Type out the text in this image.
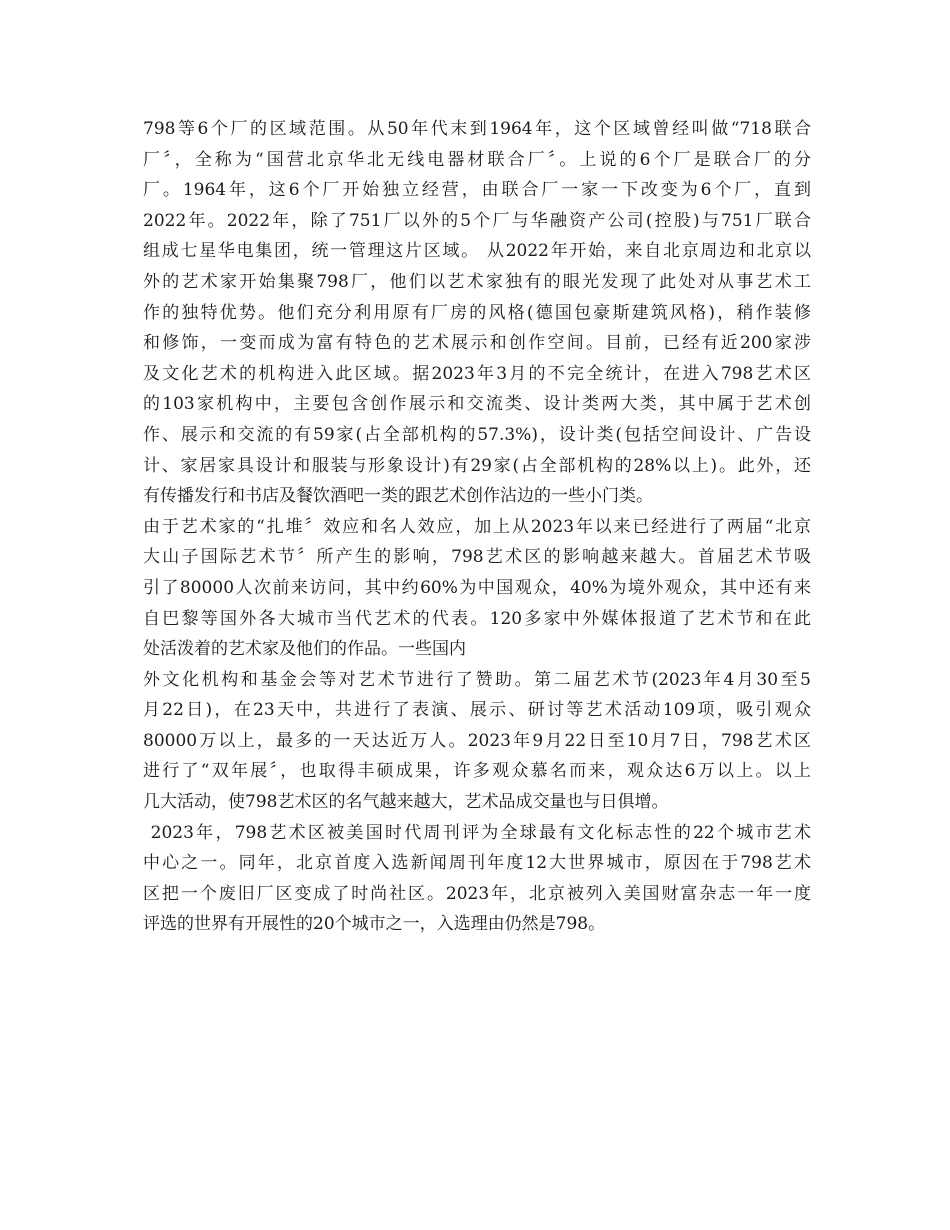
798等6个厂的区域范围。从50年代末到1964年，这个区域曾经叫做“718联合
厂〞，全称为“国营北京华北无线电器材联合厂〞。上说的6个厂是联合厂的分
厂。1964年，这6个厂开始独立经营，由联合厂一家一下改变为6个厂，直到
2022年。2022年，除了751厂以外的5个厂与华融资产公司(控股)与751厂联合
组成七星华电集团，统一管理这片区域。 从2022年开始，来自北京周边和北京以
外的艺术家开始集聚798厂，他们以艺术家独有的眼光发现了此处对从事艺术工
作的独特优势。他们充分利用原有厂房的风格(德国包豪斯建筑风格)，稍作装修
和修饰，一变而成为富有特色的艺术展示和创作空间。目前，已经有近200家涉
及文化艺术的机构进入此区域。据2023年3月的不完全统计，在进入798艺术区
的103家机构中，主要包含创作展示和交流类、设计类两大类，其中属于艺术创
作、展示和交流的有59家(占全部机构的57.3%)，设计类(包括空间设计、广告设
计、家居家具设计和服装与形象设计)有29家(占全部机构的28%以上)。此外，还
有传播发行和书店及餐饮酒吧一类的跟艺术创作沾边的一些小门类。
由于艺术家的“扎堆〞效应和名人效应，加上从2023年以来已经进行了两届“北京
大山子国际艺术节〞所产生的影响，798艺术区的影响越来越大。首届艺术节吸
引了80000人次前来访问，其中约60%为中国观众，40%为境外观众，其中还有来
自巴黎等国外各大城市当代艺术的代表。120多家中外媒体报道了艺术节和在此
处活泼着的艺术家及他们的作品。一些国内
外文化机构和基金会等对艺术节进行了赞助。第二届艺术节(2023年4月30至5
月22日)，在23天中，共进行了表演、展示、研讨等艺术活动109项，吸引观众
80000万以上，最多的一天达近万人。2023年9月22日至10月7日，798艺术区
进行了“双年展〞，也取得丰硕成果，许多观众慕名而来，观众达6万以上。以上
几大活动，使798艺术区的名气越来越大，艺术品成交量也与日俱增。
2023年，798艺术区被美国时代周刊评为全球最有文化标志性的22个城市艺术
中心之一。同年，北京首度入选新闻周刊年度12大世界城市，原因在于798艺术
区把一个废旧厂区变成了时尚社区。2023年，北京被列入美国财富杂志一年一度
评选的世界有开展性的20个城市之一，入选理由仍然是798。
